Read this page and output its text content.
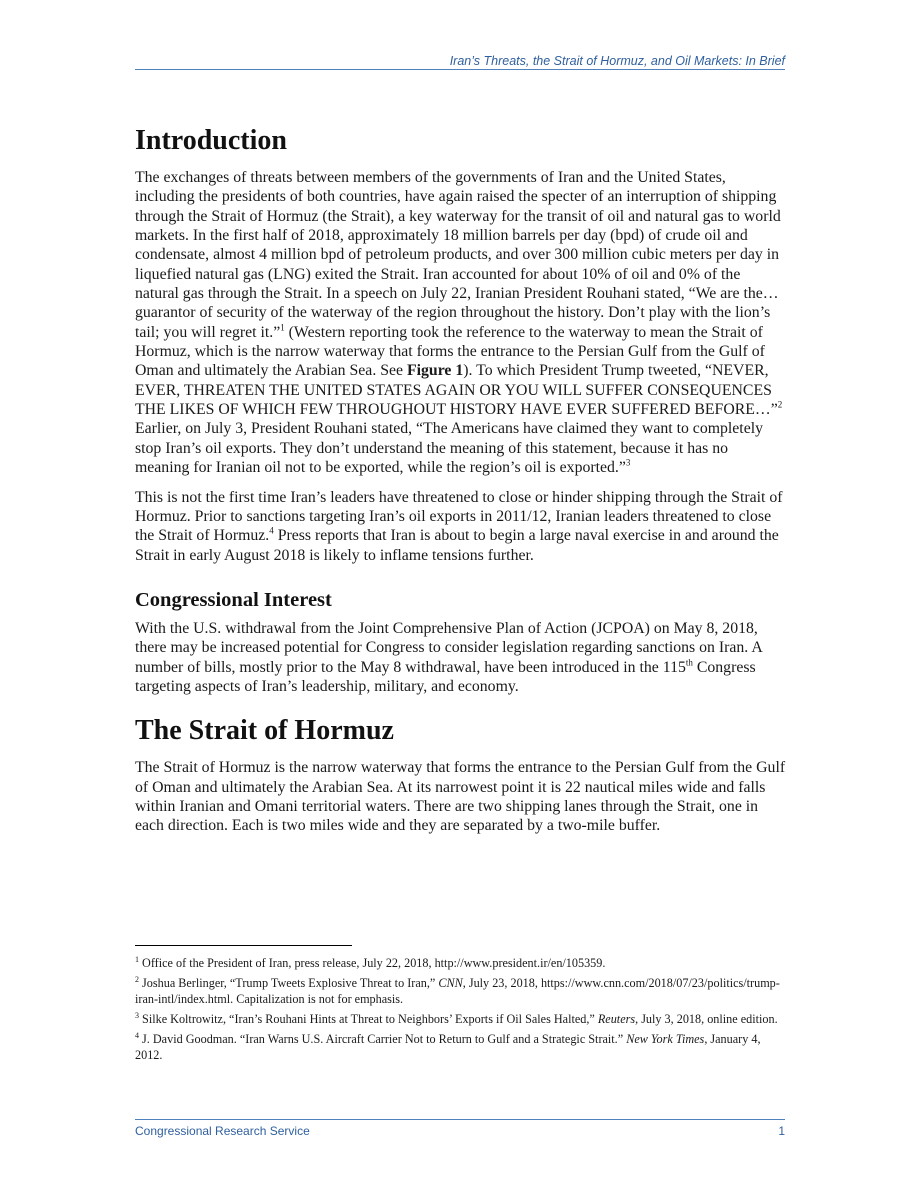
Iran’s Threats, the Strait of Hormuz, and Oil Markets: In Brief
Introduction

The exchanges of threats between members of the governments of Iran and the United States, including the presidents of both countries, have again raised the specter of an interruption of shipping through the Strait of Hormuz (the Strait), a key waterway for the transit of oil and natural gas to world markets. In the first half of 2018, approximately 18 million barrels per day (bpd) of crude oil and condensate, almost 4 million bpd of petroleum products, and over 300 million cubic meters per day in liquefied natural gas (LNG) exited the Strait. Iran accounted for about 10% of oil and 0% of the natural gas through the Strait. In a speech on July 22, Iranian President Rouhani stated, “We are the…guarantor of security of the waterway of the region throughout the history. Don’t play with the lion’s tail; you will regret it.”$^1$ (Western reporting took the reference to the waterway to mean the Strait of Hormuz, which is the narrow waterway that forms the entrance to the Persian Gulf from the Gulf of Oman and ultimately the Arabian Sea. See Figure 1). To which President Trump tweeted, “NEVER, EVER, THREATEN THE UNITED STATES AGAIN OR YOU WILL SUFFER CONSEQUENCES THE LIKES OF WHICH FEW THROUGHOUT HISTORY HAVE EVER SUFFERED BEFORE…”$^2$ Earlier, on July 3, President Rouhani stated, “The Americans have claimed they want to completely stop Iran’s oil exports. They don’t understand the meaning of this statement, because it has no meaning for Iranian oil not to be exported, while the region’s oil is exported.”$^3$

This is not the first time Iran’s leaders have threatened to close or hinder shipping through the Strait of Hormuz. Prior to sanctions targeting Iran’s oil exports in 2011/12, Iranian leaders threatened to close the Strait of Hormuz.$^4$ Press reports that Iran is about to begin a large naval exercise in and around the Strait in early August 2018 is likely to inflame tensions further.

Congressional Interest

With the U.S. withdrawal from the Joint Comprehensive Plan of Action (JCPOA) on May 8, 2018, there may be increased potential for Congress to consider legislation regarding sanctions on Iran. A number of bills, mostly prior to the May 8 withdrawal, have been introduced in the 115th Congress targeting aspects of Iran’s leadership, military, and economy.

The Strait of Hormuz

The Strait of Hormuz is the narrow waterway that forms the entrance to the Persian Gulf from the Gulf of Oman and ultimately the Arabian Sea. At its narrowest point it is 22 nautical miles wide and falls within Iranian and Omani territorial waters. There are two shipping lanes through the Strait, one in each direction. Each is two miles wide and they are separated by a two-mile buffer.

$^1$ Office of the President of Iran, press release, July 22, 2018, http://www.president.ir/en/105359.

$^2$ Joshua Berlinger, “Trump Tweets Explosive Threat to Iran,” CNN, July 23, 2018, https://www.cnn.com/2018/07/23/politics/trump-iran-intl/index.html. Capitalization is not for emphasis.

$^3$ Silke Koltrowitz, “Iran’s Rouhani Hints at Threat to Neighbors’ Exports if Oil Sales Halted,” Reuters, July 3, 2018, online edition.

$^4$ J. David Goodman. “Iran Warns U.S. Aircraft Carrier Not to Return to Gulf and a Strategic Strait.” New York Times, January 4, 2012.

Congressional Research Service	1
